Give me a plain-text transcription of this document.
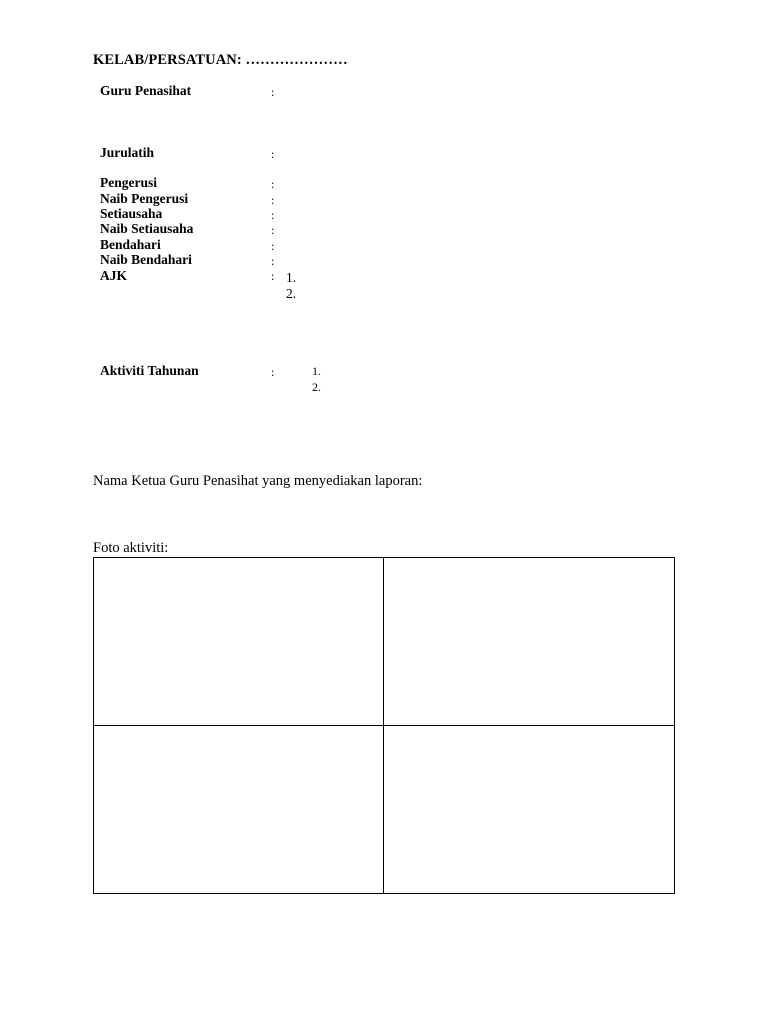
KELAB/PERSATUAN: …………………
Guru Penasihat	:
Jurulatih	:
Pengerusi	:
Naib Pengerusi	:
Setiausaha	:
Naib Setiausaha	:
Bendahari	:
Naib Bendahari	:
AJK	: 1.
2.
Aktiviti Tahunan	:	1.
2.
Nama Ketua Guru Penasihat yang menyediakan laporan:
Foto aktiviti:
